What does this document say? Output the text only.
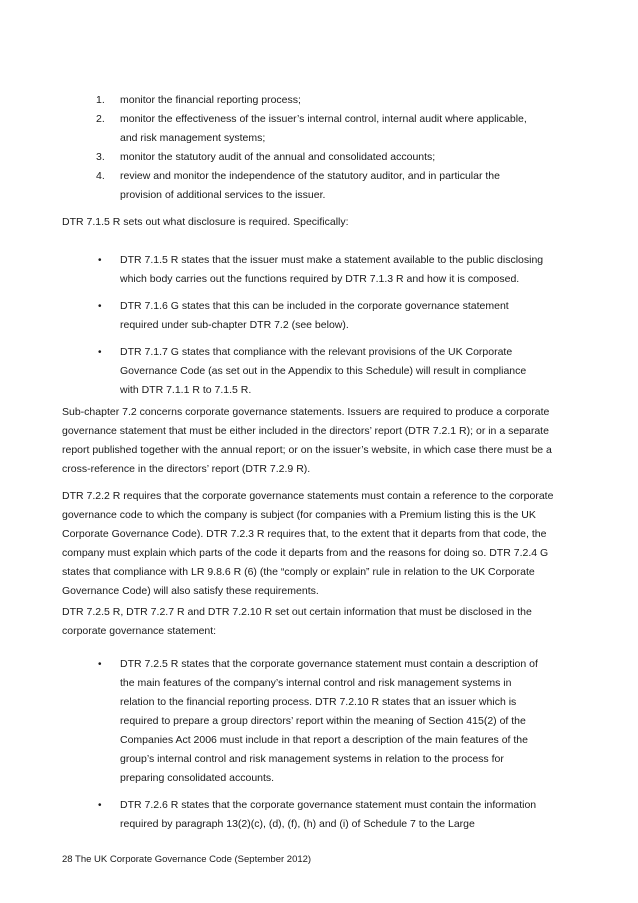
1. monitor the financial reporting process;
2. monitor the effectiveness of the issuer’s internal control, internal audit where applicable, and risk management systems;
3. monitor the statutory audit of the annual and consolidated accounts;
4. review and monitor the independence of the statutory auditor, and in particular the provision of additional services to the issuer.

DTR 7.1.5 R sets out what disclosure is required. Specifically:

• DTR 7.1.5 R states that the issuer must make a statement available to the public disclosing which body carries out the functions required by DTR 7.1.3 R and how it is composed.
• DTR 7.1.6 G states that this can be included in the corporate governance statement required under sub-chapter DTR 7.2 (see below).
• DTR 7.1.7 G states that compliance with the relevant provisions of the UK Corporate Governance Code (as set out in the Appendix to this Schedule) will result in compliance with DTR 7.1.1 R to 7.1.5 R.

Sub-chapter 7.2 concerns corporate governance statements. Issuers are required to produce a corporate governance statement that must be either included in the directors’ report (DTR 7.2.1 R); or in a separate report published together with the annual report; or on the issuer’s website, in which case there must be a cross-reference in the directors’ report (DTR 7.2.9 R).

DTR 7.2.2 R requires that the corporate governance statements must contain a reference to the corporate governance code to which the company is subject (for companies with a Premium listing this is the UK Corporate Governance Code). DTR 7.2.3 R requires that, to the extent that it departs from that code, the company must explain which parts of the code it departs from and the reasons for doing so. DTR 7.2.4 G states that compliance with LR 9.8.6 R (6) (the “comply or explain” rule in relation to the UK Corporate Governance Code) will also satisfy these requirements.

DTR 7.2.5 R, DTR 7.2.7 R and DTR 7.2.10 R set out certain information that must be disclosed in the corporate governance statement:

• DTR 7.2.5 R states that the corporate governance statement must contain a description of the main features of the company’s internal control and risk management systems in relation to the financial reporting process. DTR 7.2.10 R states that an issuer which is required to prepare a group directors’ report within the meaning of Section 415(2) of the Companies Act 2006 must include in that report a description of the main features of the group’s internal control and risk management systems in relation to the process for preparing consolidated accounts.
• DTR 7.2.6 R states that the corporate governance statement must contain the information required by paragraph 13(2)(c), (d), (f), (h) and (i) of Schedule 7 to the Large
28 The UK Corporate Governance Code (September 2012)
